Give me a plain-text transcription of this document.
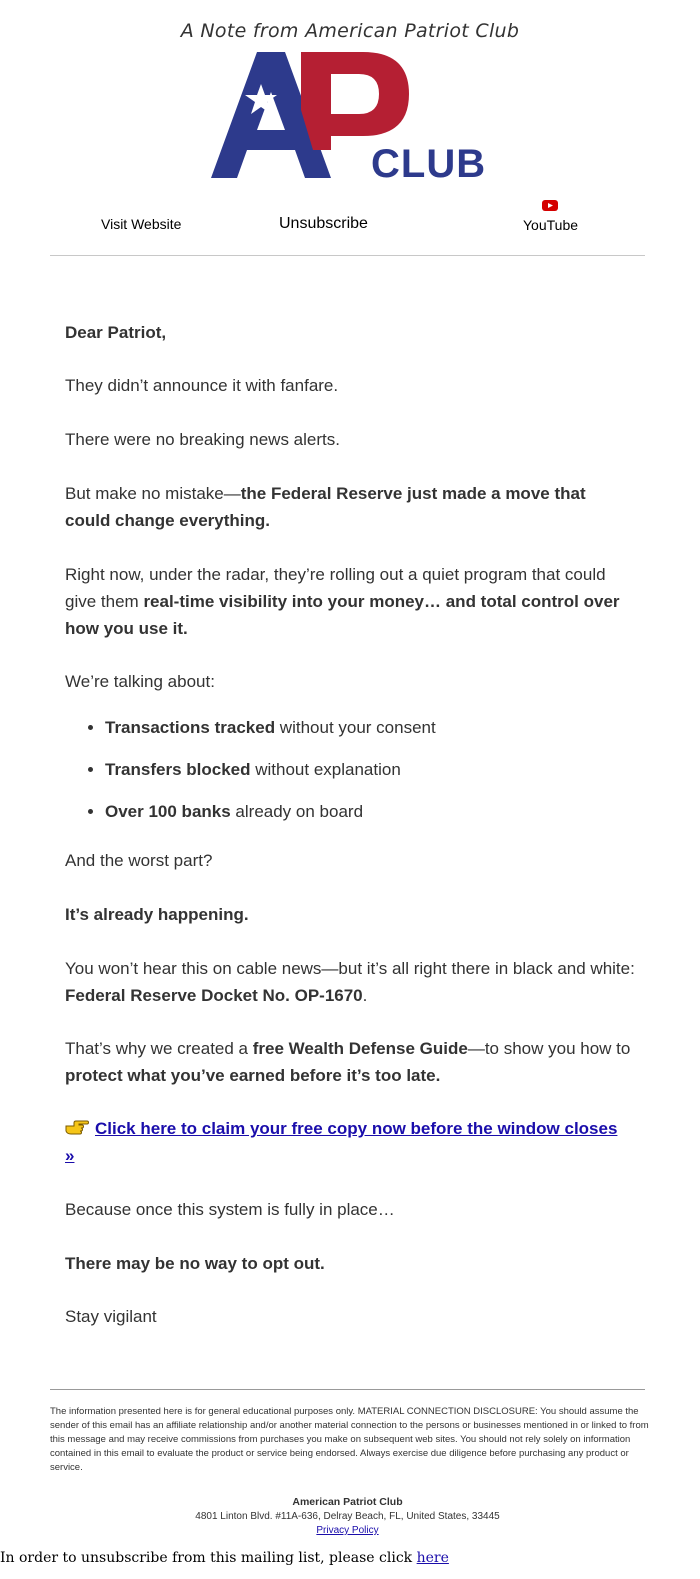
A Note from American Patriot Club
CLUB
Visit Website	Unsubscribe	YouTube

Dear Patriot,

They didn’t announce it with fanfare.

There were no breaking news alerts.

But make no mistake—the Federal Reserve just made a move that could change everything.

Right now, under the radar, they’re rolling out a quiet program that could give them real-time visibility into your money… and total control over how you use it.

We’re talking about:

• Transactions tracked without your consent
• Transfers blocked without explanation
• Over 100 banks already on board

And the worst part?

It’s already happening.

You won’t hear this on cable news—but it’s all right there in black and white: Federal Reserve Docket No. OP-1670.

That’s why we created a free Wealth Defense Guide—to show you how to protect what you’ve earned before it’s too late.

Click here to claim your free copy now before the window closes »

Because once this system is fully in place…

There may be no way to opt out.

Stay vigilant

The information presented here is for general educational purposes only. MATERIAL CONNECTION DISCLOSURE: You should assume the sender of this email has an affiliate relationship and/or another material connection to the persons or businesses mentioned in or linked to from this message and may receive commissions from purchases you make on subsequent web sites. You should not rely solely on information contained in this email to evaluate the product or service being endorsed. Always exercise due diligence before purchasing any product or service.
American Patriot Club
4801 Linton Blvd. #11A-636, Delray Beach, FL, United States, 33445
Privacy Policy
In order to unsubscribe from this mailing list, please click here
